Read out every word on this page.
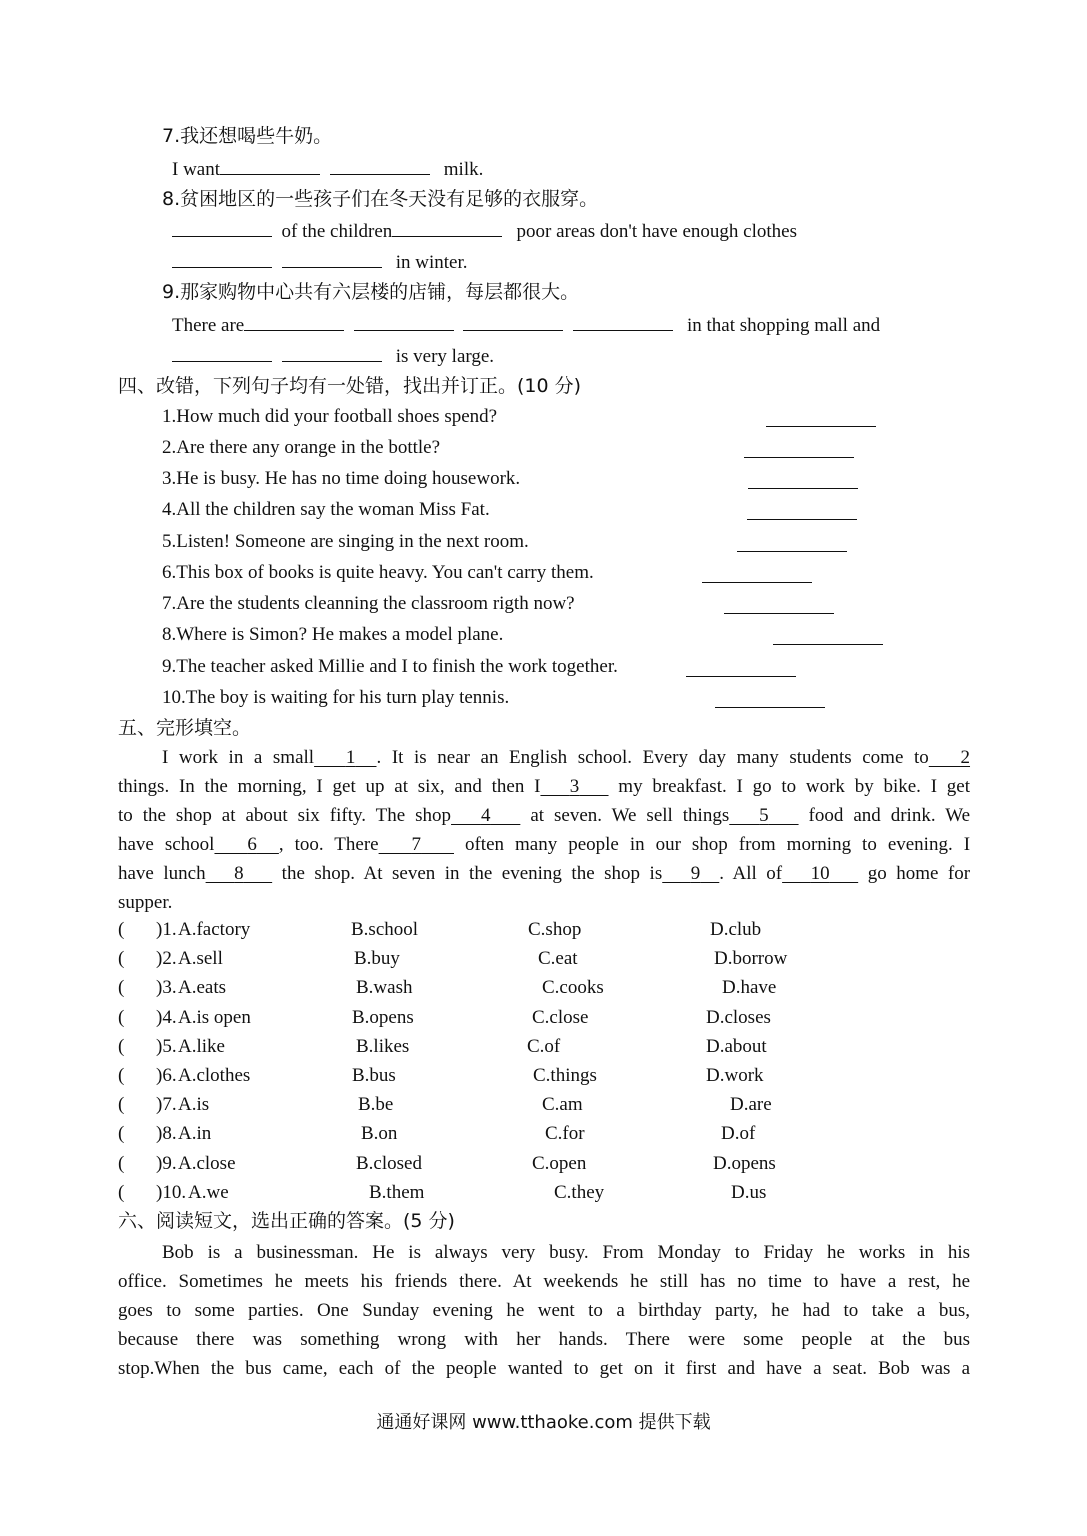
7.我还想喝些牛奶。
I want	milk.
8.贫困地区的一些孩子们在冬天没有足够的衣服穿。
of the children	poor areas don't have enough clothes
in winter.
9.那家购物中心共有六层楼的店铺，每层都很大。
There are	in that shopping mall and
is very large.
四、改错，下列句子均有一处错，找出并订正。(10 分)
1.How much did your football shoes spend?
2.Are there any orange in the bottle?
3.He is busy. He has no time doing housework.
4.All the children say the woman Miss Fat.
5.Listen! Someone are singing in the next room.
6.This box of books is quite heavy. You can't carry them.
7.Are the students cleanning the classroom rigth now?
8.Where is Simon? He makes a model plane.
9.The teacher asked Millie and I to finish the work together.
10.The boy is waiting for his turn play tennis.
五、完形填空。
I work in a small 1 . It is near an English school. Every day many students come to 2
things. In the morning, I get up at six, and then I 3 my breakfast. I go to work by bike. I get
to the shop at about six fifty. The shop 4 at seven. We sell things 5 food and drink. We
have school 6 , too. There 7 often many people in our shop from morning to evening. I
have lunch 8 the shop. At seven in the evening the shop is 9 . All of 10 go home for
supper.
( )1. A.factory	B.school	C.shop	D.club
( )2. A.sell	B.buy	C.eat	D.borrow
( )3. A.eats	B.wash	C.cooks	D.have
( )4. A.is open	B.opens	C.close	D.closes
( )5. A.like	B.likes	C.of	D.about
( )6. A.clothes	B.bus	C.things	D.work
( )7. A.is	B.be	C.am	D.are
( )8. A.in	B.on	C.for	D.of
( )9. A.close	B.closed	C.open	D.opens
( )10. A.we	B.them	C.they	D.us
六、阅读短文，选出正确的答案。(5 分)
Bob is a businessman. He is always very busy. From Monday to Friday he works in his
office. Sometimes he meets his friends there. At weekends he still has no time to have a rest, he
goes to some parties. One Sunday evening he went to a birthday party, he had to take a bus,
because there was something wrong with her hands. There were some people at the bus
stop.When the bus came, each of the people wanted to get on it first and have a seat. Bob was a
通通好课网 www.tthaoke.com 提供下载
